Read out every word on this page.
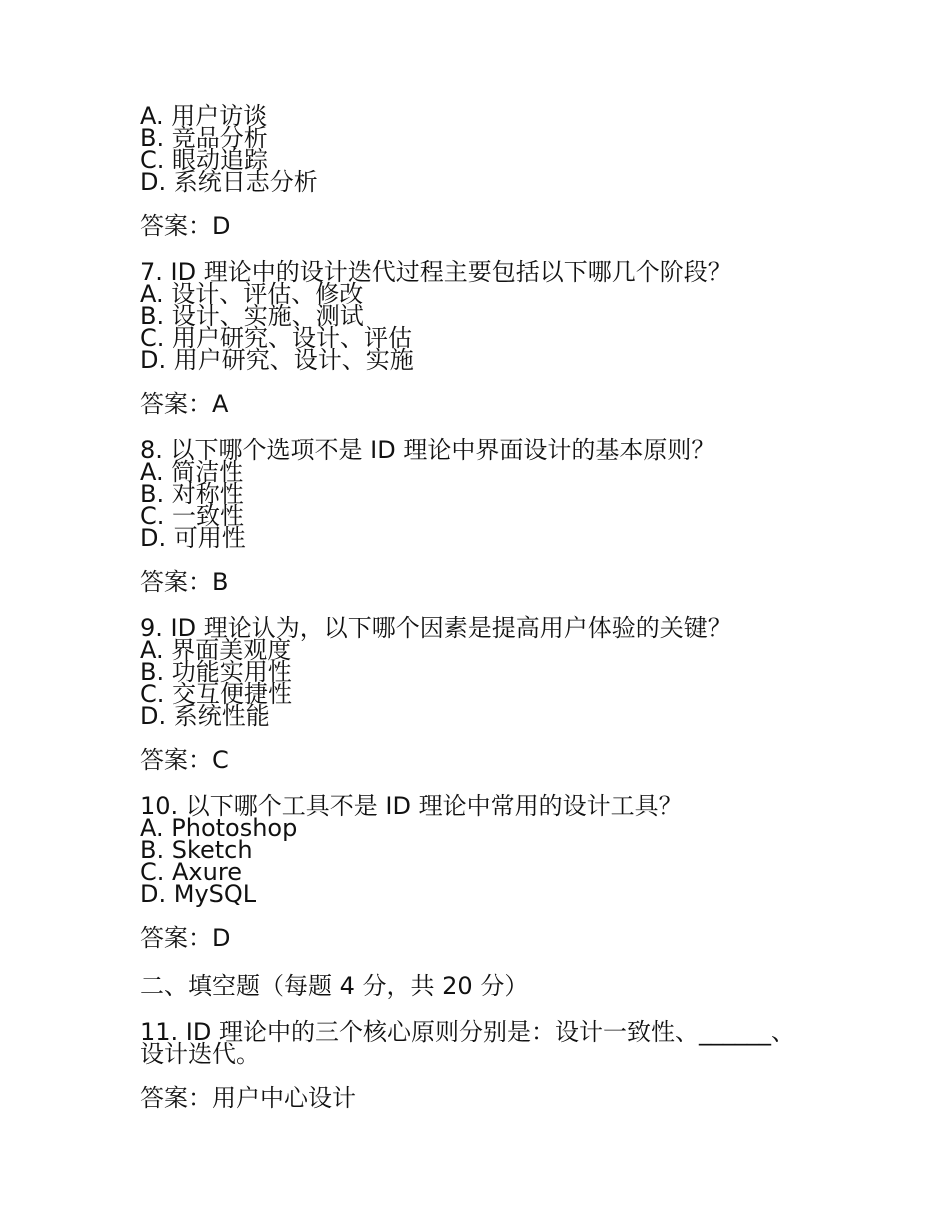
A. 用户访谈
B. 竞品分析
C. 眼动追踪
D. 系统日志分析
答案：D
7. ID 理论中的设计迭代过程主要包括以下哪几个阶段？
A. 设计、评估、修改
B. 设计、实施、测试
C. 用户研究、设计、评估
D. 用户研究、设计、实施
答案：A
8. 以下哪个选项不是 ID 理论中界面设计的基本原则？
A. 简洁性
B. 对称性
C. 一致性
D. 可用性
答案：B
9. ID 理论认为，以下哪个因素是提高用户体验的关键？
A. 界面美观度
B. 功能实用性
C. 交互便捷性
D. 系统性能
答案：C
10. 以下哪个工具不是 ID 理论中常用的设计工具？
A. Photoshop
B. Sketch
C. Axure
D. MySQL
答案：D
二、填空题（每题 4 分，共 20 分）
11. ID 理论中的三个核心原则分别是：设计一致性、______、
设计迭代。
答案：用户中心设计
